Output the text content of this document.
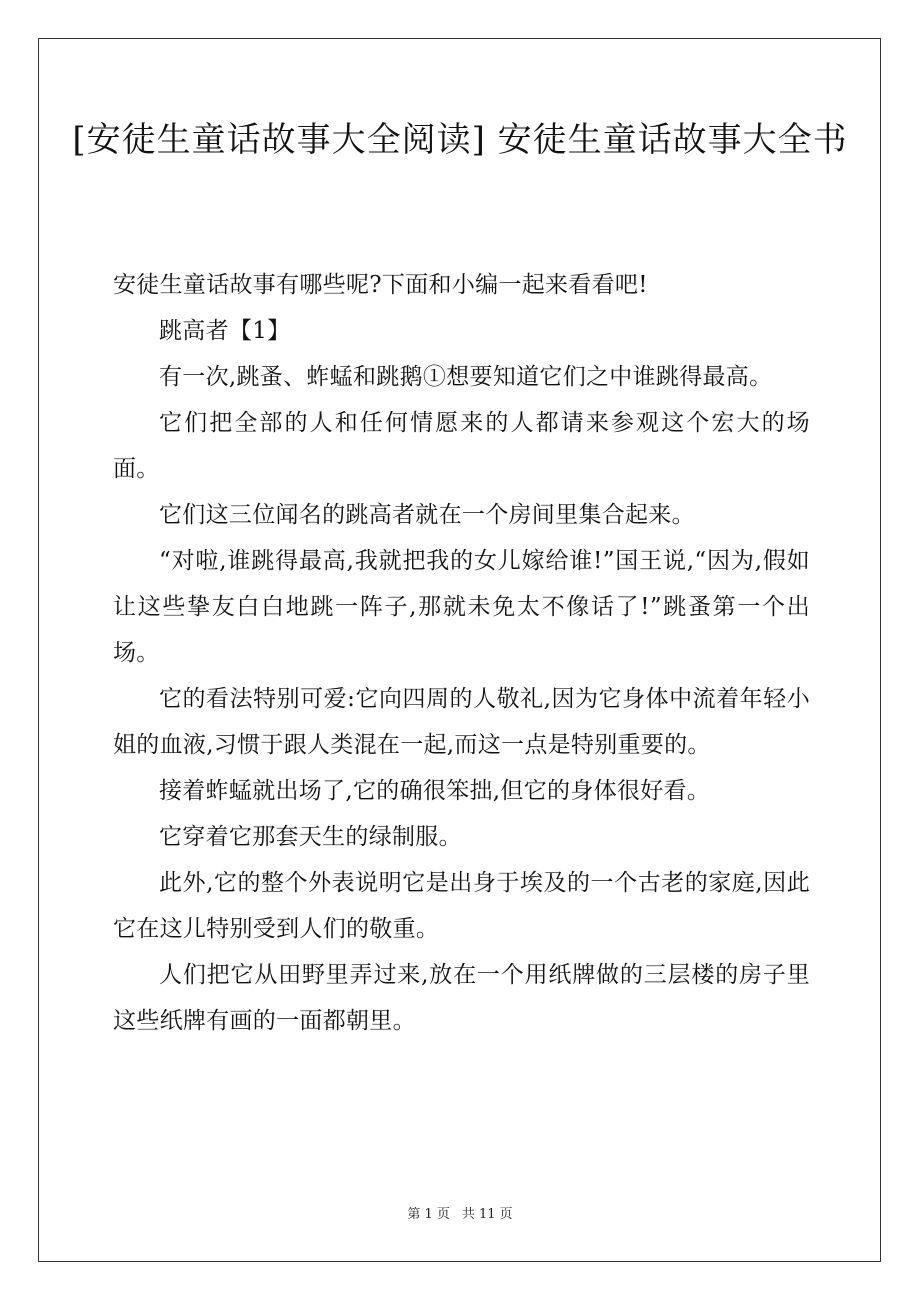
[安徒生童话故事大全阅读] 安徒生童话故事大全书

安徒生童话故事有哪些呢?下面和小编一起来看看吧!

跳高者【1】

有一次,跳蚤、蚱蜢和跳鹅①想要知道它们之中谁跳得最高。

它们把全部的人和任何情愿来的人都请来参观这个宏大的场面。

它们这三位闻名的跳高者就在一个房间里集合起来。

“对啦,谁跳得最高,我就把我的女儿嫁给谁!”国王说,“因为,假如让这些挚友白白地跳一阵子,那就未免太不像话了!”跳蚤第一个出场。

它的看法特别可爱:它向四周的人敬礼,因为它身体中流着年轻小姐的血液,习惯于跟人类混在一起,而这一点是特别重要的。

接着蚱蜢就出场了,它的确很笨拙,但它的身体很好看。

它穿着它那套天生的绿制服。

此外,它的整个外表说明它是出身于埃及的一个古老的家庭,因此它在这儿特别受到人们的敬重。

人们把它从田野里弄过来,放在一个用纸牌做的三层楼的房子里这些纸牌有画的一面都朝里。

第 1 页 共 11 页
